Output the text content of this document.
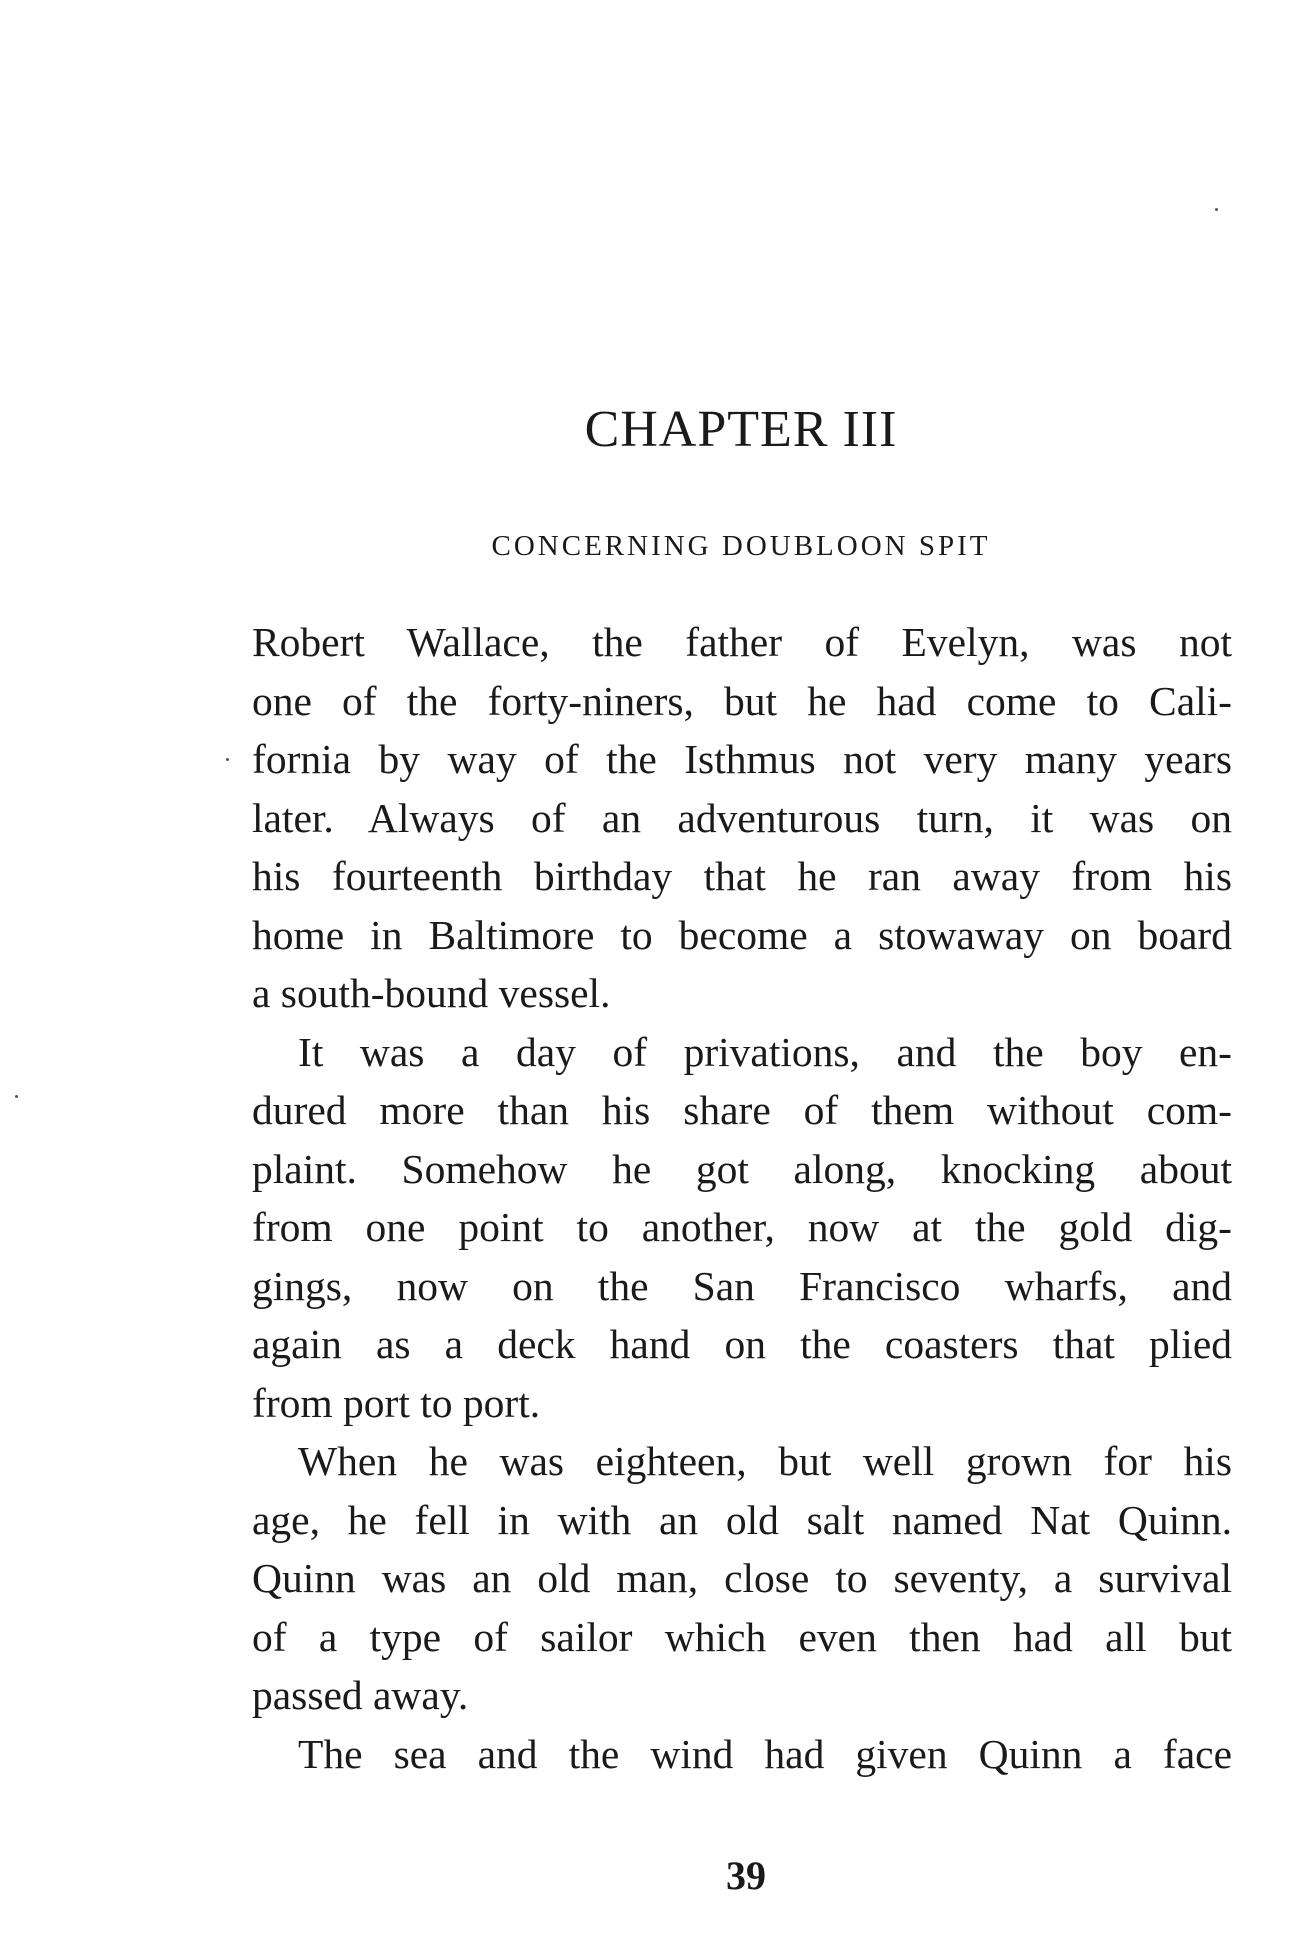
CHAPTER III
CONCERNING DOUBLOON SPIT
Robert Wallace, the father of Evelyn, was not
one of the forty-niners, but he had come to Cali-
fornia by way of the Isthmus not very many years
later. Always of an adventurous turn, it was on
his fourteenth birthday that he ran away from his
home in Baltimore to become a stowaway on board
a south-bound vessel.
It was a day of privations, and the boy en-
dured more than his share of them without com-
plaint. Somehow he got along, knocking about
from one point to another, now at the gold dig-
gings, now on the San Francisco wharfs, and
again as a deck hand on the coasters that plied
from port to port.
When he was eighteen, but well grown for his
age, he fell in with an old salt named Nat Quinn.
Quinn was an old man, close to seventy, a survival
of a type of sailor which even then had all but
passed away.
The sea and the wind had given Quinn a face
39
